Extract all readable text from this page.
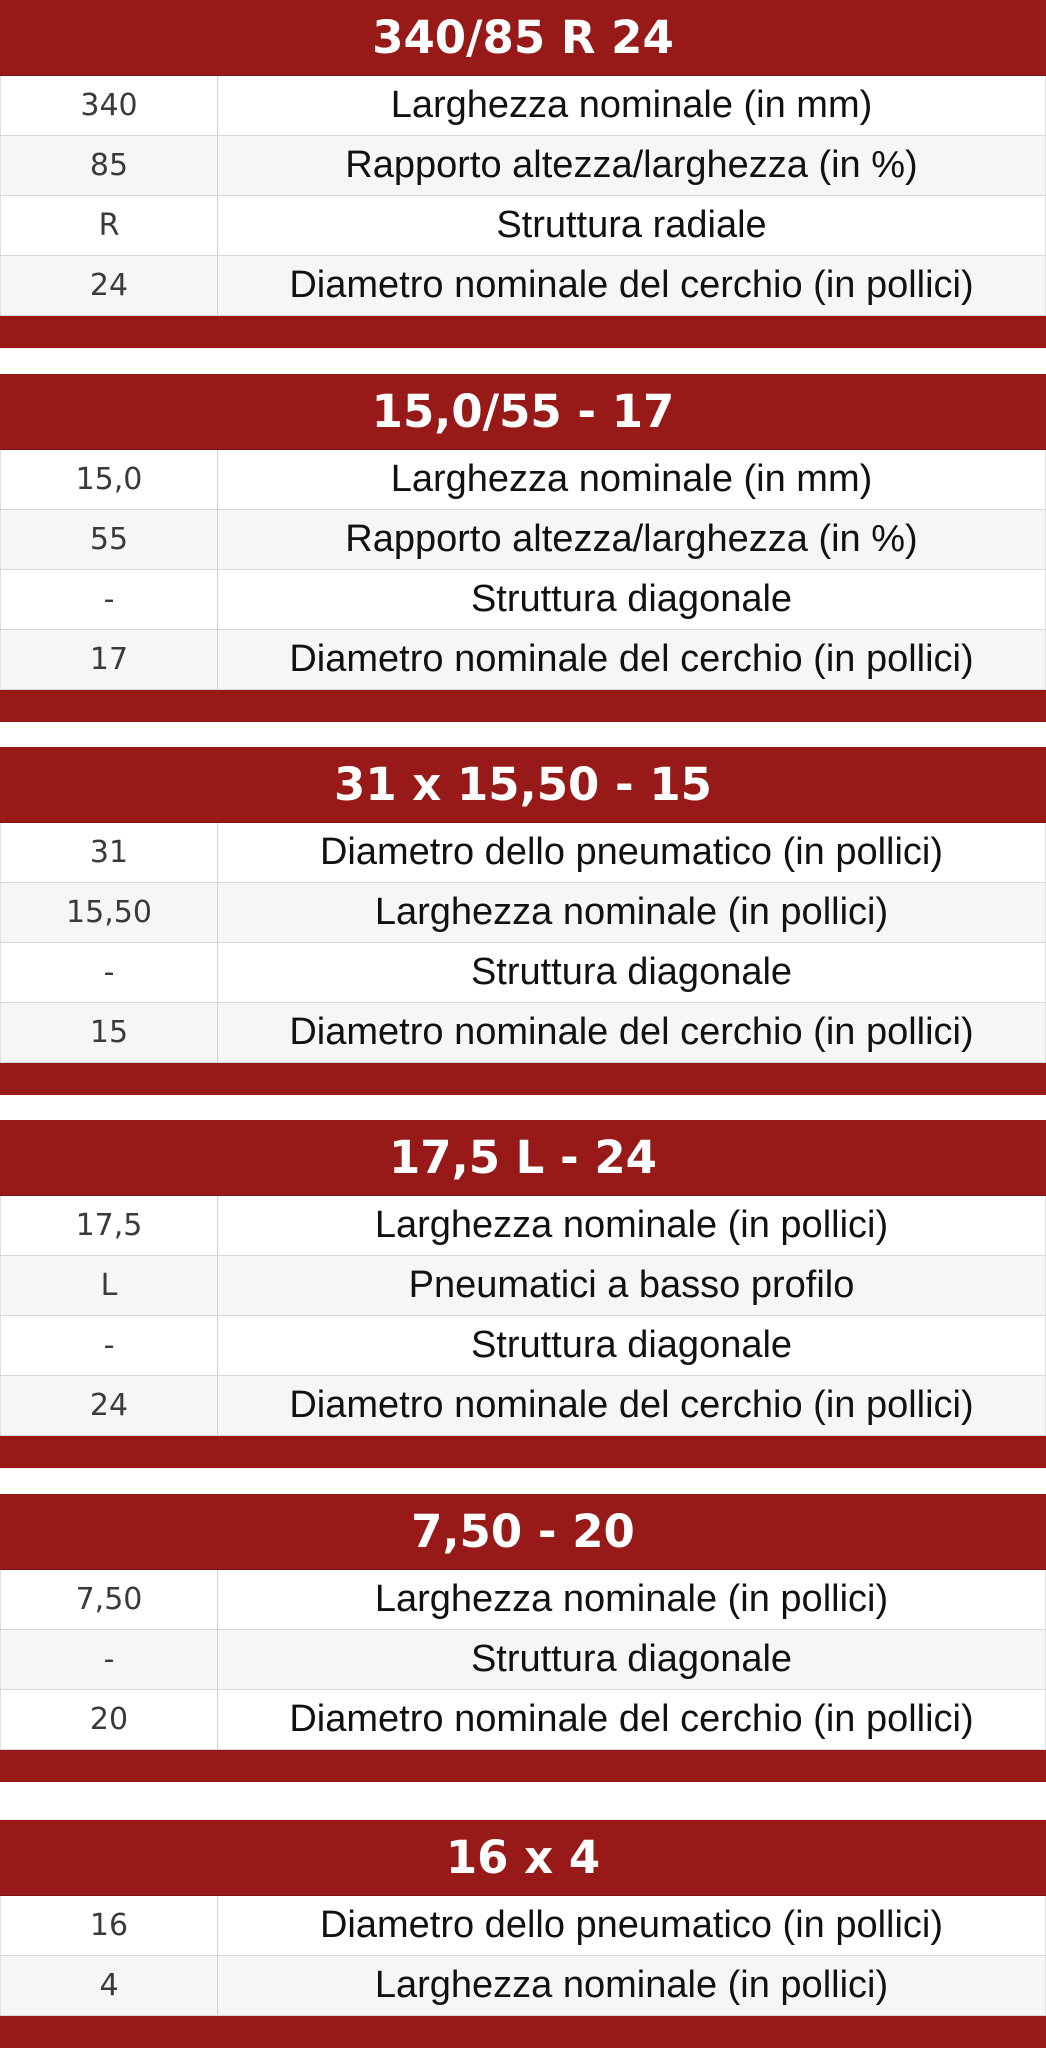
340/85 R 24
340	Larghezza nominale (in mm)
85	Rapporto altezza/larghezza (in %)
R	Struttura radiale
24	Diametro nominale del cerchio (in pollici)
15,0/55 - 17
15,0	Larghezza nominale (in mm)
55	Rapporto altezza/larghezza (in %)
-	Struttura diagonale
17	Diametro nominale del cerchio (in pollici)
31 x 15,50 - 15
31	Diametro dello pneumatico (in pollici)
15,50	Larghezza nominale (in pollici)
-	Struttura diagonale
15	Diametro nominale del cerchio (in pollici)
17,5 L - 24
17,5	Larghezza nominale (in pollici)
L	Pneumatici a basso profilo
-	Struttura diagonale
24	Diametro nominale del cerchio (in pollici)
7,50 - 20
7,50	Larghezza nominale (in pollici)
-	Struttura diagonale
20	Diametro nominale del cerchio (in pollici)
16 x 4
16	Diametro dello pneumatico (in pollici)
4	Larghezza nominale (in pollici)
